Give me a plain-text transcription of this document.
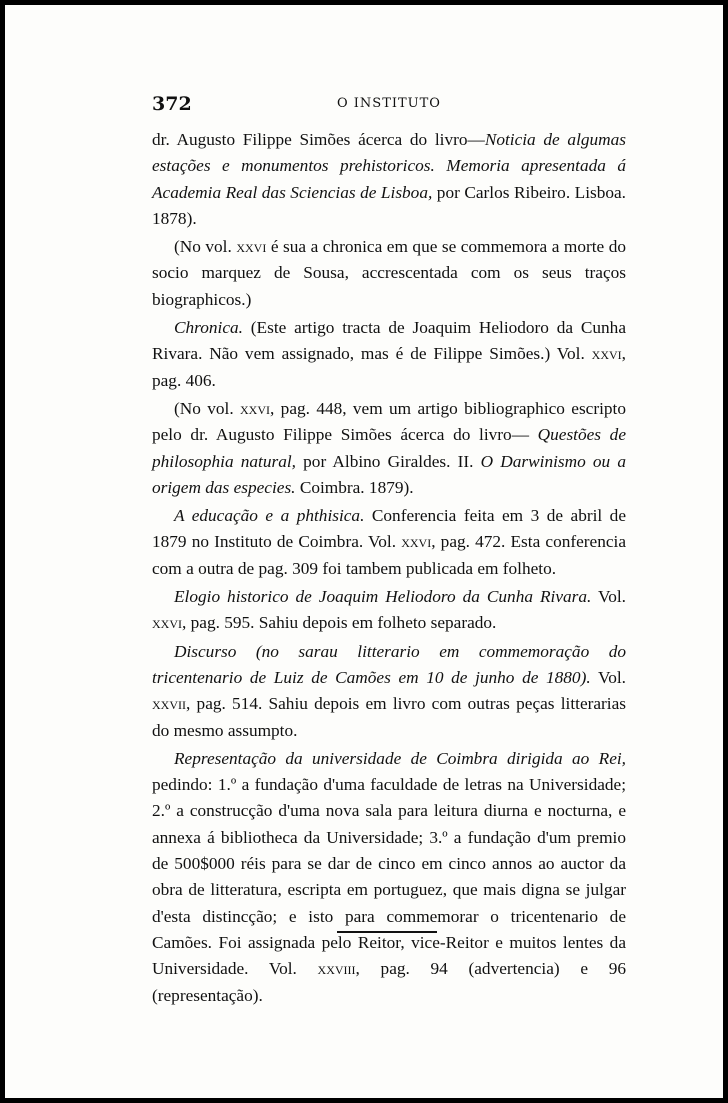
372	O INSTITUTO

dr. Augusto Filippe Simões ácerca do livro—Noticia de algumas estações e monumentos prehistoricos. Memoria apresentada á Academia Real das Sciencias de Lisboa, por Carlos Ribeiro. Lisboa. 1878).

(No vol. xxvi é sua a chronica em que se commemora a morte do socio marquez de Sousa, accrescentada com os seus traços biographicos.)

Chronica. (Este artigo tracta de Joaquim Heliodoro da Cunha Rivara. Não vem assignado, mas é de Filippe Simões.) Vol. xxvi, pag. 406.

(No vol. xxvi, pag. 448, vem um artigo bibliographico escripto pelo dr. Augusto Filippe Simões ácerca do livro— Questões de philosophia natural, por Albino Giraldes. II. O Darwinismo ou a origem das especies. Coimbra. 1879).

A educação e a phthisica. Conferencia feita em 3 de abril de 1879 no Instituto de Coimbra. Vol. xxvi, pag. 472. Esta conferencia com a outra de pag. 309 foi tambem publicada em folheto.

Elogio historico de Joaquim Heliodoro da Cunha Rivara. Vol. xxvi, pag. 595. Sahiu depois em folheto separado.

Discurso (no sarau litterario em commemoração do tricentenario de Luiz de Camões em 10 de junho de 1880). Vol. xxvii, pag. 514. Sahiu depois em livro com outras peças litterarias do mesmo assumpto.

Representação da universidade de Coimbra dirigida ao Rei, pedindo: 1.º a fundação d'uma faculdade de letras na Universidade; 2.º a construcção d'uma nova sala para leitura diurna e nocturna, e annexa á bibliotheca da Universidade; 3.º a fundação d'um premio de 500$000 réis para se dar de cinco em cinco annos ao auctor da obra de litteratura, escripta em portuguez, que mais digna se julgar d'esta distincção; e isto para commemorar o tricentenario de Camões. Foi assignada pelo Reitor, vice-Reitor e muitos lentes da Universidade. Vol. xxviii, pag. 94 (advertencia) e 96 (representação).
